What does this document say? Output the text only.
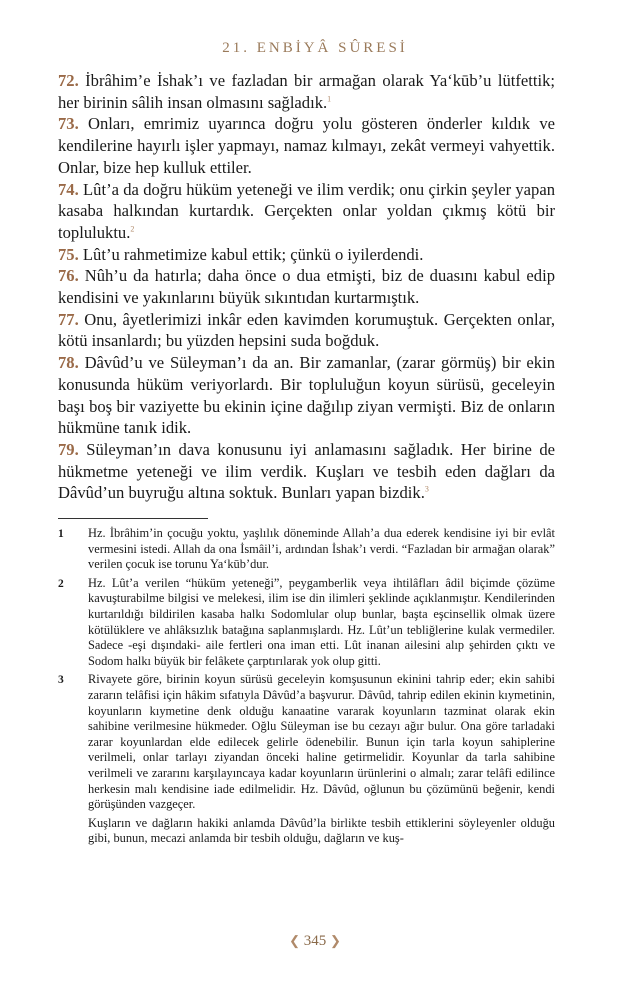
21. ENBİYÂ SÛRESİ

72. İbrâhim’e İshak’ı ve fazladan bir armağan olarak Ya‘kūb’u lütfettik; her birinin sâlih insan olmasını sağladık.$^1$

73. Onları, emrimiz uyarınca doğru yolu gösteren önderler kıldık ve kendilerine hayırlı işler yapmayı, namaz kılmayı, zekât vermeyi vahyettik. Onlar, bize hep kulluk ettiler.

74. Lût’a da doğru hüküm yeteneği ve ilim verdik; onu çirkin şeyler yapan kasaba halkından kurtardık. Gerçekten onlar yoldan çıkmış kötü bir topluluktu.$^2$

75. Lût’u rahmetimize kabul ettik; çünkü o iyilerdendi.

76. Nûh’u da hatırla; daha önce o dua etmişti, biz de duasını kabul edip kendisini ve yakınlarını büyük sıkıntıdan kurtarmıştık.

77. Onu, âyetlerimizi inkâr eden kavimden korumuştuk. Gerçekten onlar, kötü insanlardı; bu yüzden hepsini suda boğduk.

78. Dâvûd’u ve Süleyman’ı da an. Bir zamanlar, (zarar görmüş) bir ekin konusunda hüküm veriyorlardı. Bir topluluğun koyun sürüsü, geceleyin başı boş bir vaziyette bu ekinin içine dağılıp ziyan vermişti. Biz de onların hükmüne tanık idik.

79. Süleyman’ın dava konusunu iyi anlamasını sağladık. Her birine de hükmetme yeteneği ve ilim verdik. Kuşları ve tesbih eden dağları da Dâvûd’un buyruğu altına soktuk. Bunları yapan bizdik.$^3$

1	Hz. İbrâhim’in çocuğu yoktu, yaşlılık döneminde Allah’a dua ederek kendisine iyi bir evlât vermesini istedi. Allah da ona İsmâil’i, ardından İshak’ı verdi. “Fazladan bir armağan olarak” verilen çocuk ise torunu Ya‘kūb’dur.

2	Hz. Lût’a verilen “hüküm yeteneği”, peygamberlik veya ihtilâfları âdil biçimde çözüme kavuşturabilme bilgisi ve melekesi, ilim ise din ilimleri şeklinde açıklanmıştır. Kendilerinden kurtarıldığı bildirilen kasaba halkı Sodomlular olup bunlar, başta eşcinsellik olmak üzere kötülüklere ve ahlâksızlık batağına saplanmışlardı. Hz. Lût’un tebliğlerine kulak vermediler. Sadece -eşi dışındaki- aile fertleri ona iman etti. Lût inanan ailesini alıp şehirden çıktı ve Sodom halkı büyük bir felâkete çarptırılarak yok olup gitti.

3	Rivayete göre, birinin koyun sürüsü geceleyin komşusunun ekinini tahrip eder; ekin sahibi zararın telâfisi için hâkim sıfatıyla Dâvûd’a başvurur. Dâvûd, tahrip edilen ekinin kıymetinin, koyunların kıymetine denk olduğu kanaatine vararak koyunların tazminat olarak ekin sahibine verilmesine hükmeder. Oğlu Süleyman ise bu cezayı ağır bulur. Ona göre tarladaki zarar koyunlardan elde edilecek gelirle ödenebilir. Bunun için tarla koyun sahiplerine verilmeli, onlar tarlayı ziyandan önceki haline getirmelidir. Koyunlar da tarla sahibine verilmeli ve zararını karşılayıncaya kadar koyunların ürünlerini o almalı; zarar telâfi edilince herkesin malı kendisine iade edilmelidir. Hz. Dâvûd, oğlunun bu çözümünü beğenir, kendi görüşünden vazgeçer.

Kuşların ve dağların hakiki anlamda Dâvûd’la birlikte tesbih ettiklerini söyleyenler olduğu gibi, bunun, mecazi anlamda bir tesbih olduğu, dağların ve kuş-
❮ 345 ❯
